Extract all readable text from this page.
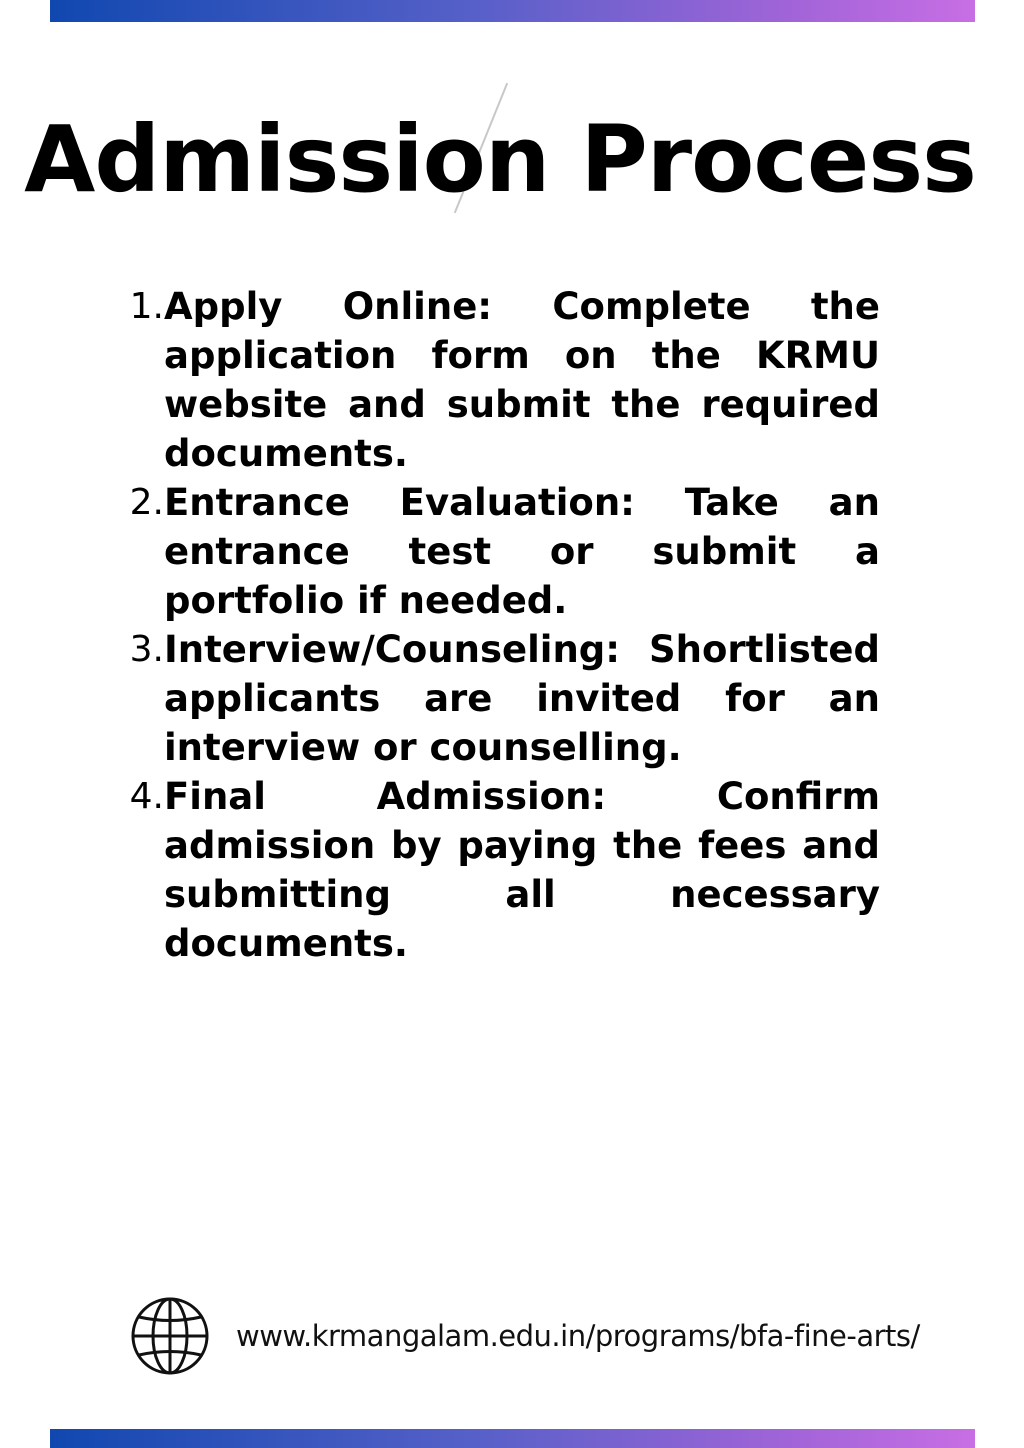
Admission Process
1. Apply Online: Complete the application form on the KRMU website and submit the required documents.
2. Entrance Evaluation: Take an entrance test or submit a portfolio if needed.
3. Interview/Counseling: Shortlisted applicants are invited for an interview or counselling.
4. Final Admission: Confirm admission by paying the fees and submitting all necessary documents.
www.krmangalam.edu.in/programs/bfa-fine-arts/
